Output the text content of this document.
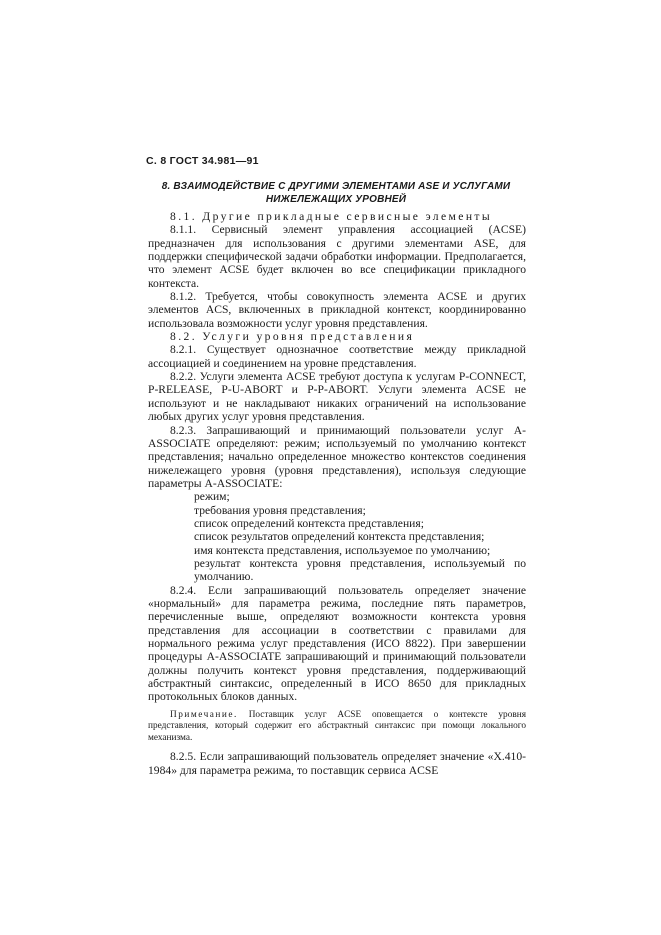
С. 8 ГОСТ 34.981—91
8. ВЗАИМОДЕЙСТВИЕ С ДРУГИМИ ЭЛЕМЕНТАМИ ASE И УСЛУГАМИ
НИЖЕЛЕЖАЩИХ УРОВНЕЙ

8.1. Другие прикладные сервисные элементы

8.1.1. Сервисный элемент управления ассоциацией (ACSE) предназначен для использования с другими элементами ASE, для поддержки специфической задачи обработки информации. Предполагается, что элемент ACSE будет включен во все спецификации прикладного контекста.

8.1.2. Требуется, чтобы совокупность элемента ACSE и других элементов ACS, включенных в прикладной контекст, координированно использовала возможности услуг уровня представления.

8.2. Услуги уровня представления

8.2.1. Существует однозначное соответствие между прикладной ассоциацией и соединением на уровне представления.

8.2.2. Услуги элемента ACSE требуют доступа к услугам P-CONNECT, P-RELEASE, P-U-ABORT и P-P-ABORT. Услуги элемента ACSE не используют и не накладывают никаких ограничений на использование любых других услуг уровня представления.

8.2.3. Запрашивающий и принимающий пользователи услуг A-ASSOCIATE определяют: режим; используемый по умолчанию контекст представления; начально определенное множество контекстов соединения нижележащего уровня (уровня представления), используя следующие параметры A-ASSOCIATE:

режим;

требования уровня представления;

список определений контекста представления;

список результатов определений контекста представления;

имя контекста представления, используемое по умолчанию;

результат контекста уровня представления, используемый по умолчанию.

8.2.4. Если запрашивающий пользователь определяет значение «нормальный» для параметра режима, последние пять параметров, перечисленные выше, определяют возможности контекста уровня представления для ассоциации в соответствии с правилами для нормального режима услуг представления (ИСО 8822). При завершении процедуры A-ASSOCIATE запрашивающий и принимающий пользователи должны получить контекст уровня представления, поддерживающий абстрактный синтаксис, определенный в ИСО 8650 для прикладных протокольных блоков данных.

Примечание. Поставщик услуг ACSE оповещается о контексте уровня представления, который содержит его абстрактный синтаксис при помощи локального механизма.

8.2.5. Если запрашивающий пользователь определяет значение «X.410-1984» для параметра режима, то поставщик сервиса ACSE
